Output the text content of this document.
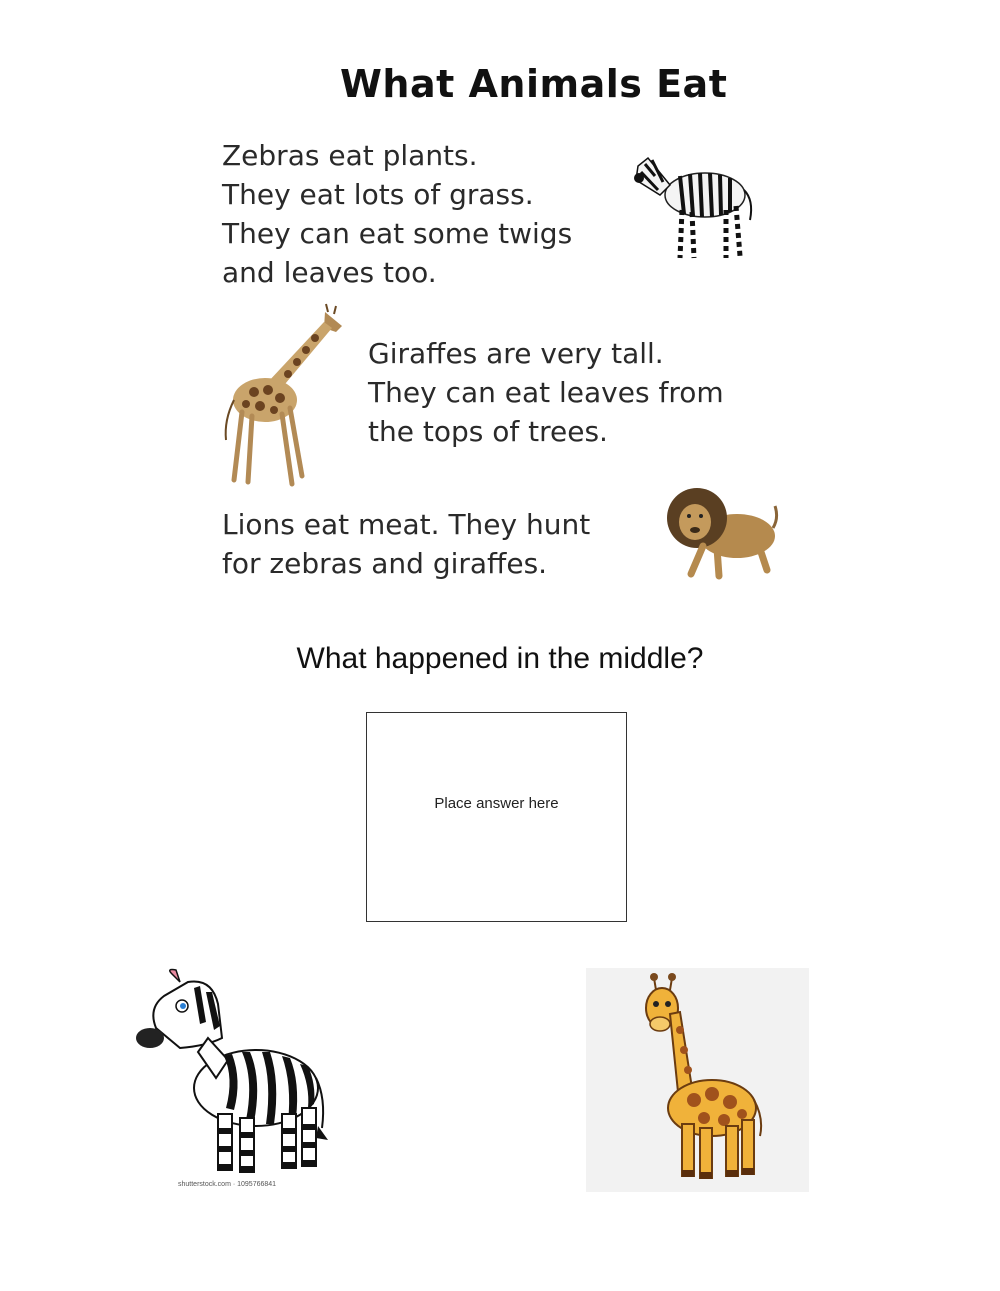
What Animals Eat
Zebras eat plants.
They eat lots of grass.
They can eat some twigs
and leaves too.
Giraffes are very tall.
They can eat leaves from
the tops of trees.
Lions eat meat. They hunt
for zebras and giraffes.
What happened in the middle?
Place answer here
shutterstock.com · 1095766841
